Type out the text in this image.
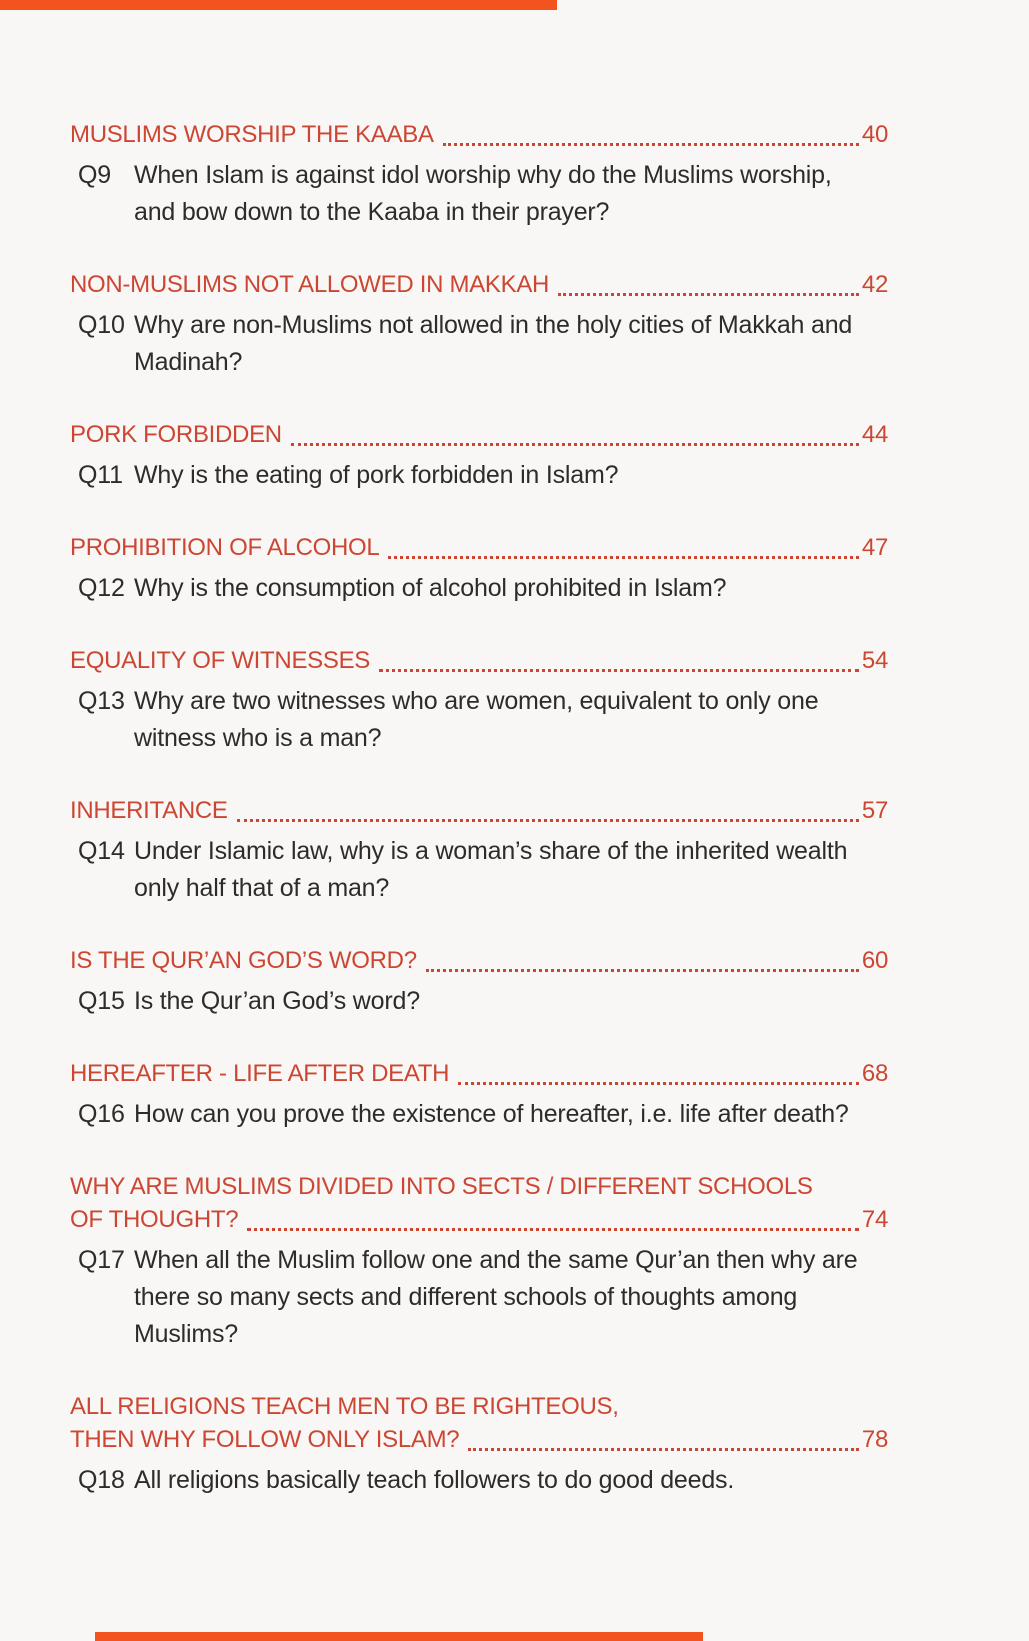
MUSLIMS WORSHIP THE KAABA	40
Q9 When Islam is against idol worship why do the Muslims worship,
and bow down to the Kaaba in their prayer?
NON-MUSLIMS NOT ALLOWED IN MAKKAH	42
Q10 Why are non-Muslims not allowed in the holy cities of Makkah and
Madinah?
PORK FORBIDDEN	44
Q11 Why is the eating of pork forbidden in Islam?
PROHIBITION OF ALCOHOL	47
Q12 Why is the consumption of alcohol prohibited in Islam?
EQUALITY OF WITNESSES	54
Q13 Why are two witnesses who are women, equivalent to only one
witness who is a man?
INHERITANCE	57
Q14 Under Islamic law, why is a woman’s share of the inherited wealth
only half that of a man?
IS THE QUR’AN GOD’S WORD?	60
Q15 Is the Qur’an God’s word?
HEREAFTER - LIFE AFTER DEATH	68
Q16 How can you prove the existence of hereafter, i.e. life after death?
WHY ARE MUSLIMS DIVIDED INTO SECTS / DIFFERENT SCHOOLS
OF THOUGHT?	74
Q17 When all the Muslim follow one and the same Qur’an then why are
there so many sects and different schools of thoughts among
Muslims?
ALL RELIGIONS TEACH MEN TO BE RIGHTEOUS,
THEN WHY FOLLOW ONLY ISLAM?	78
Q18 All religions basically teach followers to do good deeds.
